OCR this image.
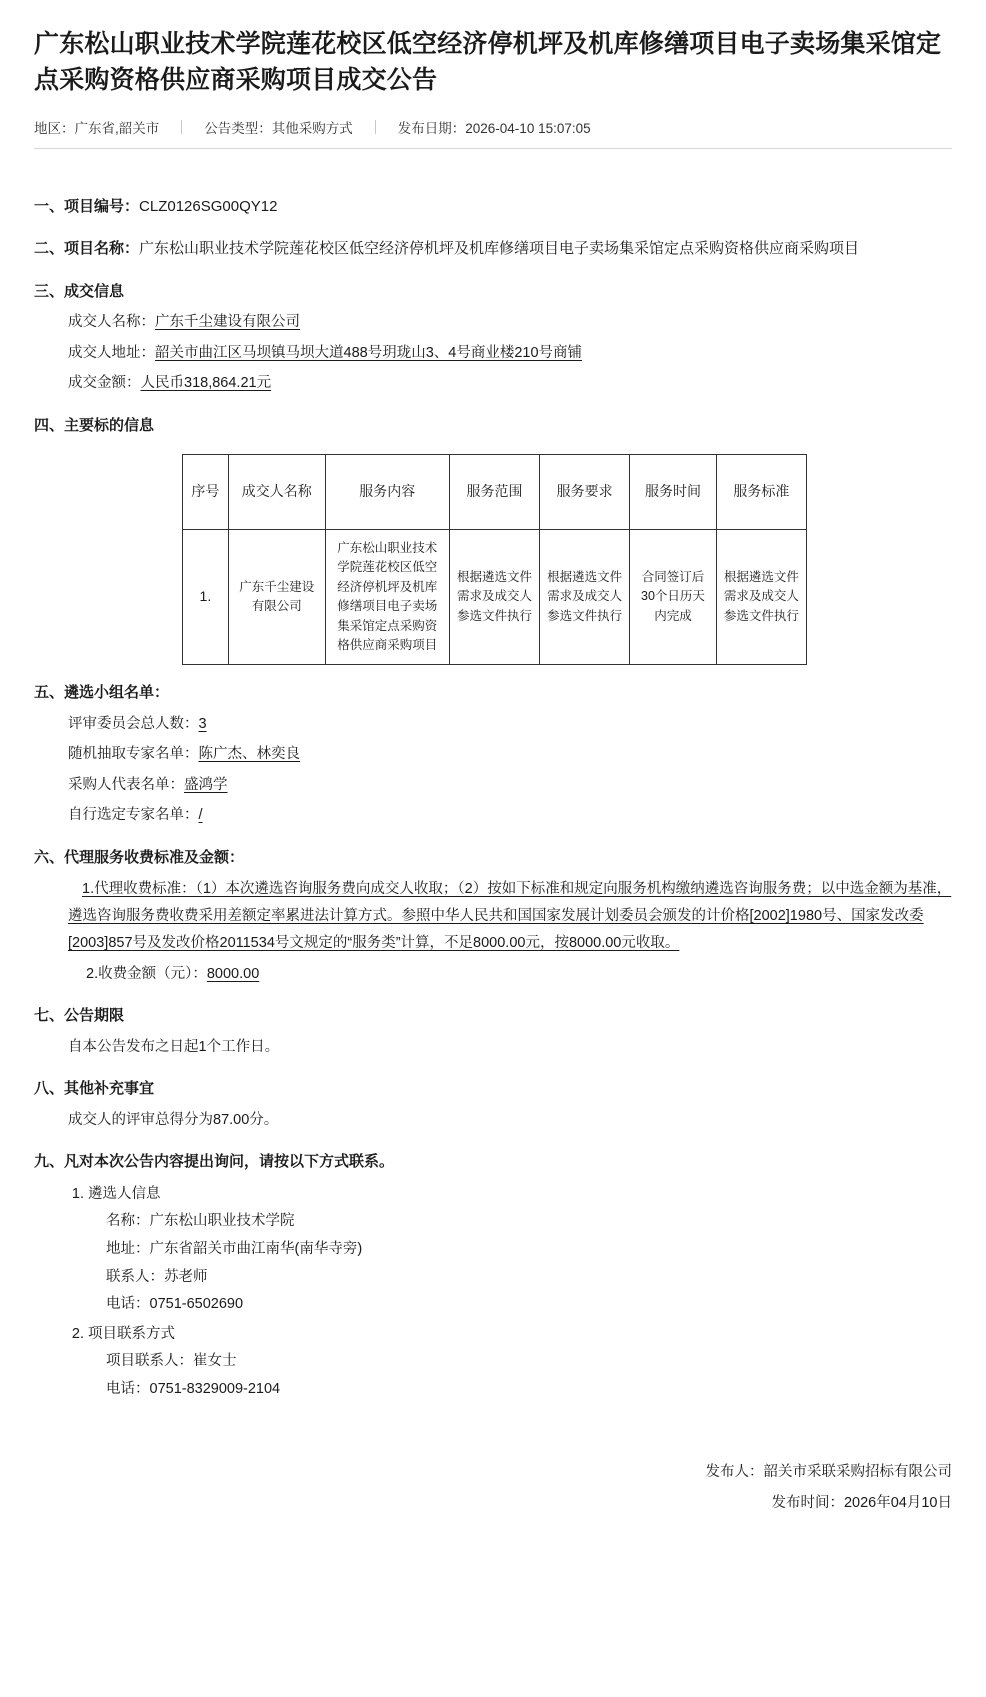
广东松山职业技术学院莲花校区低空经济停机坪及机库修缮项目电子卖场集采馆定点采购资格供应商采购项目成交公告
地区：广东省,韶关市	公告类型：其他采购方式	发布日期：2026-04-10 15:07:05
一、项目编号：CLZ0126SG00QY12
二、项目名称：广东松山职业技术学院莲花校区低空经济停机坪及机库修缮项目电子卖场集采馆定点采购资格供应商采购项目
三、成交信息
成交人名称：广东千尘建设有限公司
成交人地址：韶关市曲江区马坝镇马坝大道488号玥珑山3、4号商业楼210号商铺
成交金额：人民币318,864.21元
四、主要标的信息
序号	成交人名称	服务内容	服务范围	服务要求	服务时间	服务标准
1.	广东千尘建设有限公司	广东松山职业技术学院莲花校区低空经济停机坪及机库修缮项目电子卖场集采馆定点采购资格供应商采购项目	根据遴选文件需求及成交人参选文件执行	根据遴选文件需求及成交人参选文件执行	合同签订后30个日历天内完成	根据遴选文件需求及成交人参选文件执行
五、遴选小组名单：
评审委员会总人数：3
随机抽取专家名单：陈广杰、林奕良
采购人代表名单：盛鸿学
自行选定专家名单：/
六、代理服务收费标准及金额：
1.代理收费标准：（1）本次遴选咨询服务费向成交人收取；（2）按如下标准和规定向服务机构缴纳遴选咨询服务费；以中选金额为基准，遴选咨询服务费收费采用差额定率累进法计算方式。参照中华人民共和国国家发展计划委员会颁发的计价格[2002]1980号、国家发改委[2003]857号及发改价格2011534号文规定的“服务类”计算，不足8000.00元，按8000.00元收取。
2.收费金额（元）：8000.00
七、公告期限
自本公告发布之日起1个工作日。
八、其他补充事宜
成交人的评审总得分为87.00分。
九、凡对本次公告内容提出询问，请按以下方式联系。
1. 遴选人信息
名称：广东松山职业技术学院
地址：广东省韶关市曲江南华(南华寺旁)
联系人：苏老师
电话：0751-6502690
2. 项目联系方式
项目联系人：崔女士
电话：0751-8329009-2104
发布人：韶关市采联采购招标有限公司
发布时间：2026年04月10日
